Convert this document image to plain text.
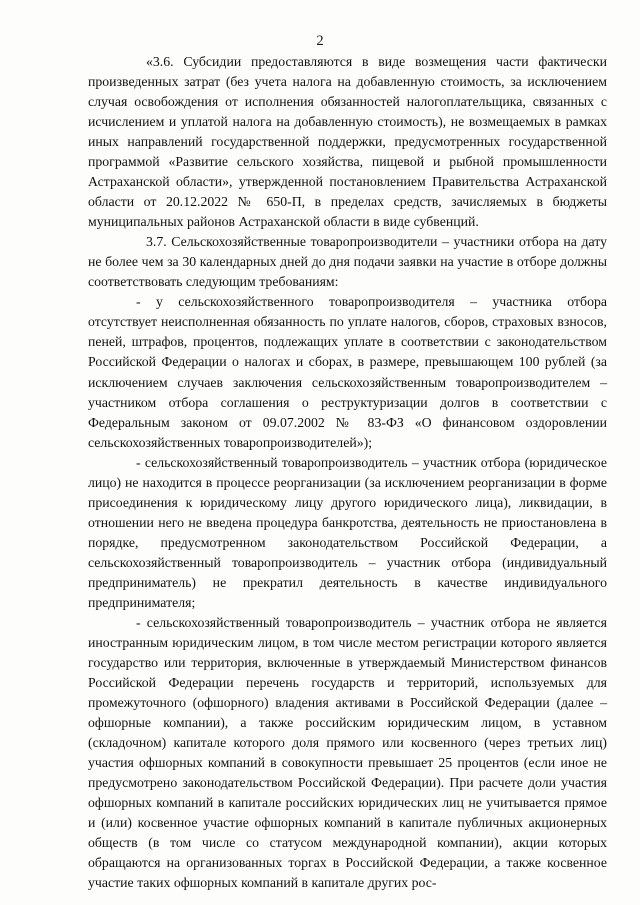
2

«3.6. Субсидии предоставляются в виде возмещения части фактически произведенных затрат (без учета налога на добавленную стоимость, за исключением случая освобождения от исполнения обязанностей налогоплательщика, связанных с исчислением и уплатой налога на добавленную стоимость), не возмещаемых в рамках иных направлений государственной поддержки, предусмотренных государственной программой «Развитие сельского хозяйства, пищевой и рыбной промышленности Астраханской области», утвержденной постановлением Правительства Астраханской области от 20.12.2022 № 650-П, в пределах средств, зачисляемых в бюджеты муниципальных районов Астраханской области в виде субвенций.

3.7. Сельскохозяйственные товаропроизводители – участники отбора на дату не более чем за 30 календарных дней до дня подачи заявки на участие в отборе должны соответствовать следующим требованиям:

- у сельскохозяйственного товаропроизводителя – участника отбора отсутствует неисполненная обязанность по уплате налогов, сборов, страховых взносов, пеней, штрафов, процентов, подлежащих уплате в соответствии с законодательством Российской Федерации о налогах и сборах, в размере, превышающем 100 рублей (за исключением случаев заключения сельскохозяйственным товаропроизводителем – участником отбора соглашения о реструктуризации долгов в соответствии с Федеральным законом от 09.07.2002 № 83-ФЗ «О финансовом оздоровлении сельскохозяйственных товаропроизводителей»);

- сельскохозяйственный товаропроизводитель – участник отбора (юридическое лицо) не находится в процессе реорганизации (за исключением реорганизации в форме присоединения к юридическому лицу другого юридического лица), ликвидации, в отношении него не введена процедура банкротства, деятельность не приостановлена в порядке, предусмотренном законодательством Российской Федерации, а сельскохозяйственный товаропроизводитель – участник отбора (индивидуальный предприниматель) не прекратил деятельность в качестве индивидуального предпринимателя;

- сельскохозяйственный товаропроизводитель – участник отбора не является иностранным юридическим лицом, в том числе местом регистрации которого является государство или территория, включенные в утверждаемый Министерством финансов Российской Федерации перечень государств и территорий, используемых для промежуточного (офшорного) владения активами в Российской Федерации (далее – офшорные компании), а также российским юридическим лицом, в уставном (складочном) капитале которого доля прямого или косвенного (через третьих лиц) участия офшорных компаний в совокупности превышает 25 процентов (если иное не предусмотрено законодательством Российской Федерации). При расчете доли участия офшорных компаний в капитале российских юридических лиц не учитывается прямое и (или) косвенное участие офшорных компаний в капитале публичных акционерных обществ (в том числе со статусом международной компании), акции которых обращаются на организованных торгах в Российской Федерации, а также косвенное участие таких офшорных компаний в капитале других рос-
